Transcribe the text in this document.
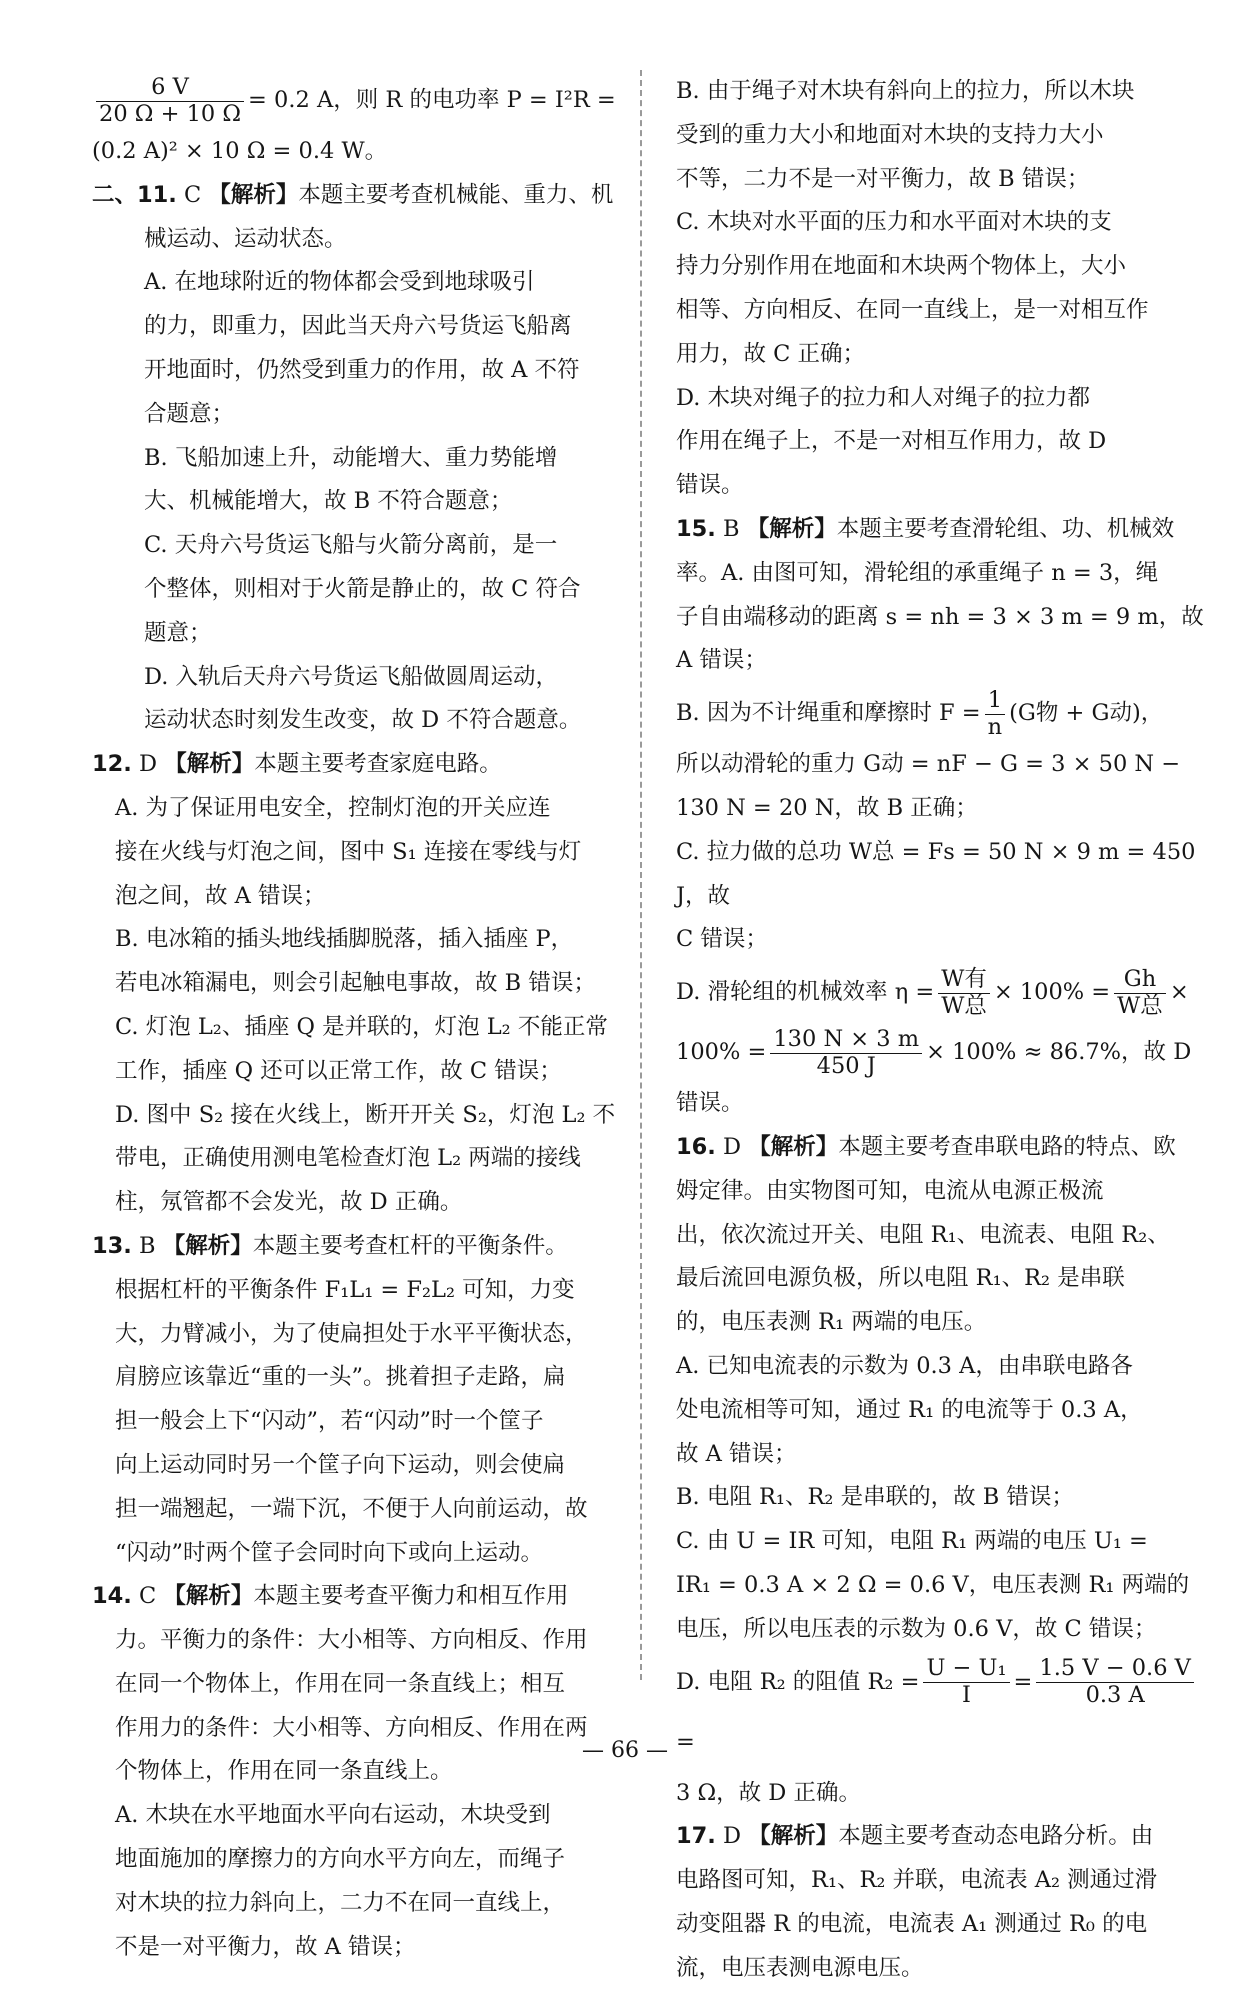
$\frac{6 V}{20 \Omega + 10 \Omega} = 0.2$ A，则 R 的电功率 P = I²R =
(0.2 A)² × 10 Ω = 0.4 W。
二、11. C 【解析】本题主要考查机械能、重力、机
械运动、运动状态。
A. 在地球附近的物体都会受到地球吸引
的力，即重力，因此当天舟六号货运飞船离
开地面时，仍然受到重力的作用，故 A 不符
合题意；
B. 飞船加速上升，动能增大、重力势能增
大、机械能增大，故 B 不符合题意；
C. 天舟六号货运飞船与火箭分离前，是一
个整体，则相对于火箭是静止的，故 C 符合
题意；
D. 入轨后天舟六号货运飞船做圆周运动，
运动状态时刻发生改变，故 D 不符合题意。
12. D 【解析】本题主要考查家庭电路。
A. 为了保证用电安全，控制灯泡的开关应连
接在火线与灯泡之间，图中 S₁ 连接在零线与灯
泡之间，故 A 错误；
B. 电冰箱的插头地线插脚脱落，插入插座 P，
若电冰箱漏电，则会引起触电事故，故 B 错误；
C. 灯泡 L₂、插座 Q 是并联的，灯泡 L₂ 不能正常
工作，插座 Q 还可以正常工作，故 C 错误；
D. 图中 S₂ 接在火线上，断开开关 S₂，灯泡 L₂ 不
带电，正确使用测电笔检查灯泡 L₂ 两端的接线
柱，氖管都不会发光，故 D 正确。
13. B 【解析】本题主要考查杠杆的平衡条件。
根据杠杆的平衡条件 F₁L₁ = F₂L₂ 可知，力变
大，力臂减小，为了使扁担处于水平平衡状态，
肩膀应该靠近“重的一头”。挑着担子走路，扁
担一般会上下“闪动”，若“闪动”时一个筐子
向上运动同时另一个筐子向下运动，则会使扁
担一端翘起，一端下沉，不便于人向前运动，故
“闪动”时两个筐子会同时向下或向上运动。
14. C 【解析】本题主要考查平衡力和相互作用
力。平衡力的条件：大小相等、方向相反、作用
在同一个物体上，作用在同一条直线上；相互
作用力的条件：大小相等、方向相反、作用在两
个物体上，作用在同一条直线上。
A. 木块在水平地面水平向右运动，木块受到
地面施加的摩擦力的方向水平方向左，而绳子
对木块的拉力斜向上，二力不在同一直线上，
不是一对平衡力，故 A 错误；
B. 由于绳子对木块有斜向上的拉力，所以木块
受到的重力大小和地面对木块的支持力大小
不等，二力不是一对平衡力，故 B 错误；
C. 木块对水平面的压力和水平面对木块的支
持力分别作用在地面和木块两个物体上，大小
相等、方向相反、在同一直线上，是一对相互作
用力，故 C 正确；
D. 木块对绳子的拉力和人对绳子的拉力都
作用在绳子上，不是一对相互作用力，故 D
错误。
15. B 【解析】本题主要考查滑轮组、功、机械效
率。A. 由图可知，滑轮组的承重绳子 n = 3，绳
子自由端移动的距离 s = nh = 3 × 3 m = 9 m，故
A 错误；
B. 因为不计绳重和摩擦时 $F = \frac{1}{n} (G$物 + G动)，
所以动滑轮的重力 G动 = nF − G = 3 × 50 N −
130 N = 20 N，故 B 正确；
C. 拉力做的总功 W总 = Fs = 50 N × 9 m = 450 J，故
C 错误；
D. 滑轮组的机械效率 $\eta = \frac{\text{W有}}{\text{W总}} \times 100\% = \frac{Gh}{\text{W总}}$ ×
$100\% = \frac{130 N \times 3 m}{450 J} \times 100\% \approx 86.7\%$，故 D
错误。
16. D 【解析】本题主要考查串联电路的特点、欧
姆定律。由实物图可知，电流从电源正极流
出，依次流过开关、电阻 R₁、电流表、电阻 R₂、
最后流回电源负极，所以电阻 R₁、R₂ 是串联
的，电压表测 R₁ 两端的电压。
A. 已知电流表的示数为 0.3 A，由串联电路各
处电流相等可知，通过 R₁ 的电流等于 0.3 A，
故 A 错误；
B. 电阻 R₁、R₂ 是串联的，故 B 错误；
C. 由 U = IR 可知，电阻 R₁ 两端的电压 U₁ =
IR₁ = 0.3 A × 2 Ω = 0.6 V，电压表测 R₁ 两端的
电压，所以电压表的示数为 0.6 V，故 C 错误；
D. 电阻 R₂ 的阻值 $R_2 = \frac{\text{U − U₁}}{I} = \frac{1.5 V - 0.6 V}{0.3 A}$
=
3 Ω，故 D 正确。
17. D 【解析】本题主要考查动态电路分析。由
电路图可知，R₁、R₂ 并联，电流表 A₂ 测通过滑
动变阻器 R 的电流，电流表 A₁ 测通过 R₀ 的电
流，电压表测电源电压。
— 66 —
